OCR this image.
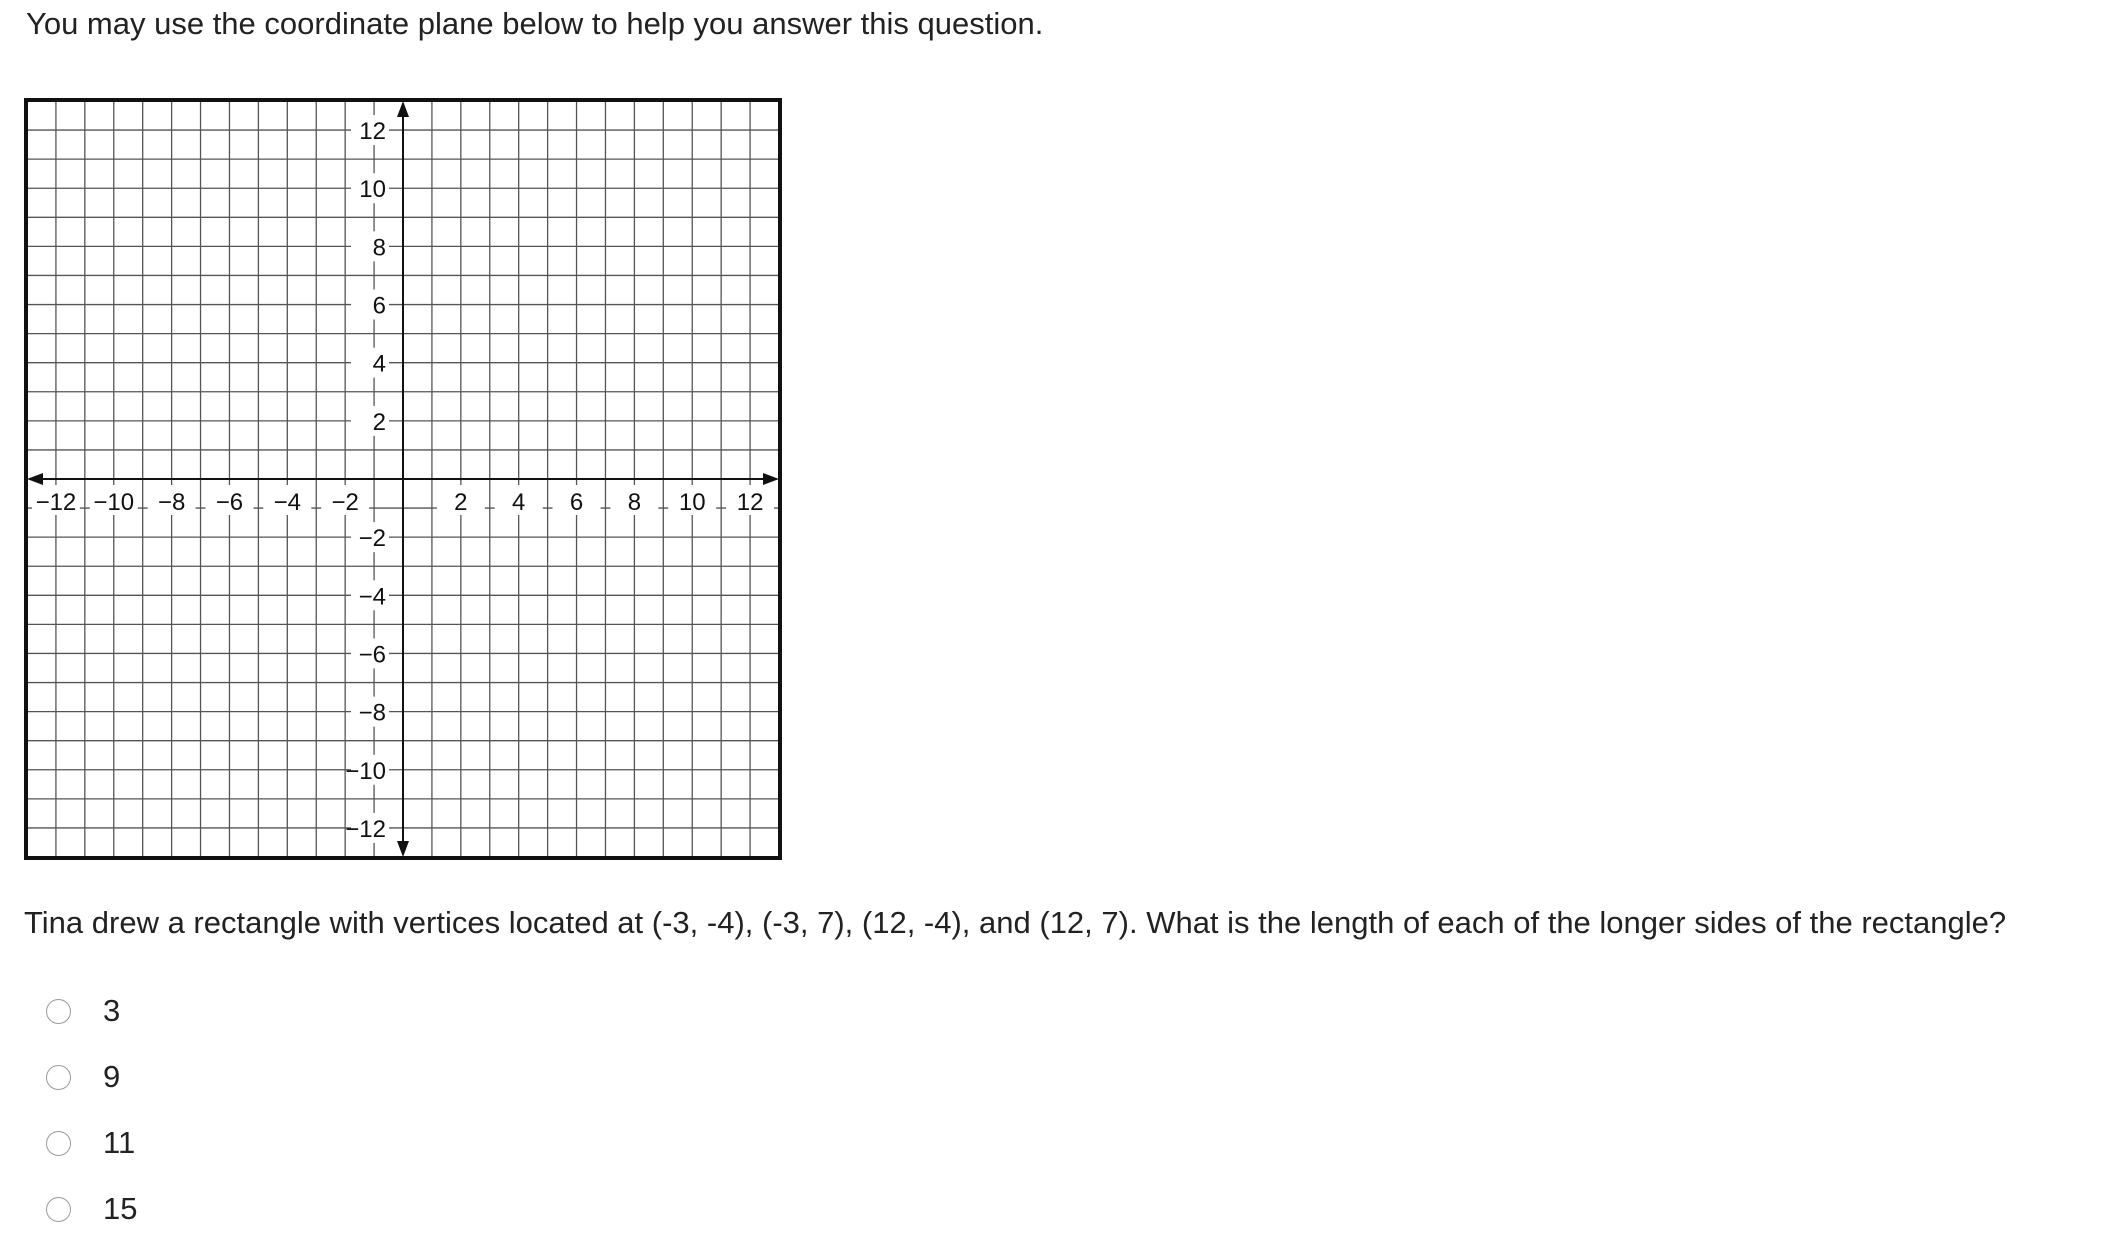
You may use the coordinate plane below to help you answer this question.
−12 −10 −8 −6 −4 −2	2 4 6 8 10 12
12
10
8
6
4
2
−2
−4
−6
−8
−10
−12
Tina drew a rectangle with vertices located at (-3, -4), (-3, 7), (12, -4), and (12, 7). What is the length of each of the longer sides of the rectangle?
3
9
11
15
